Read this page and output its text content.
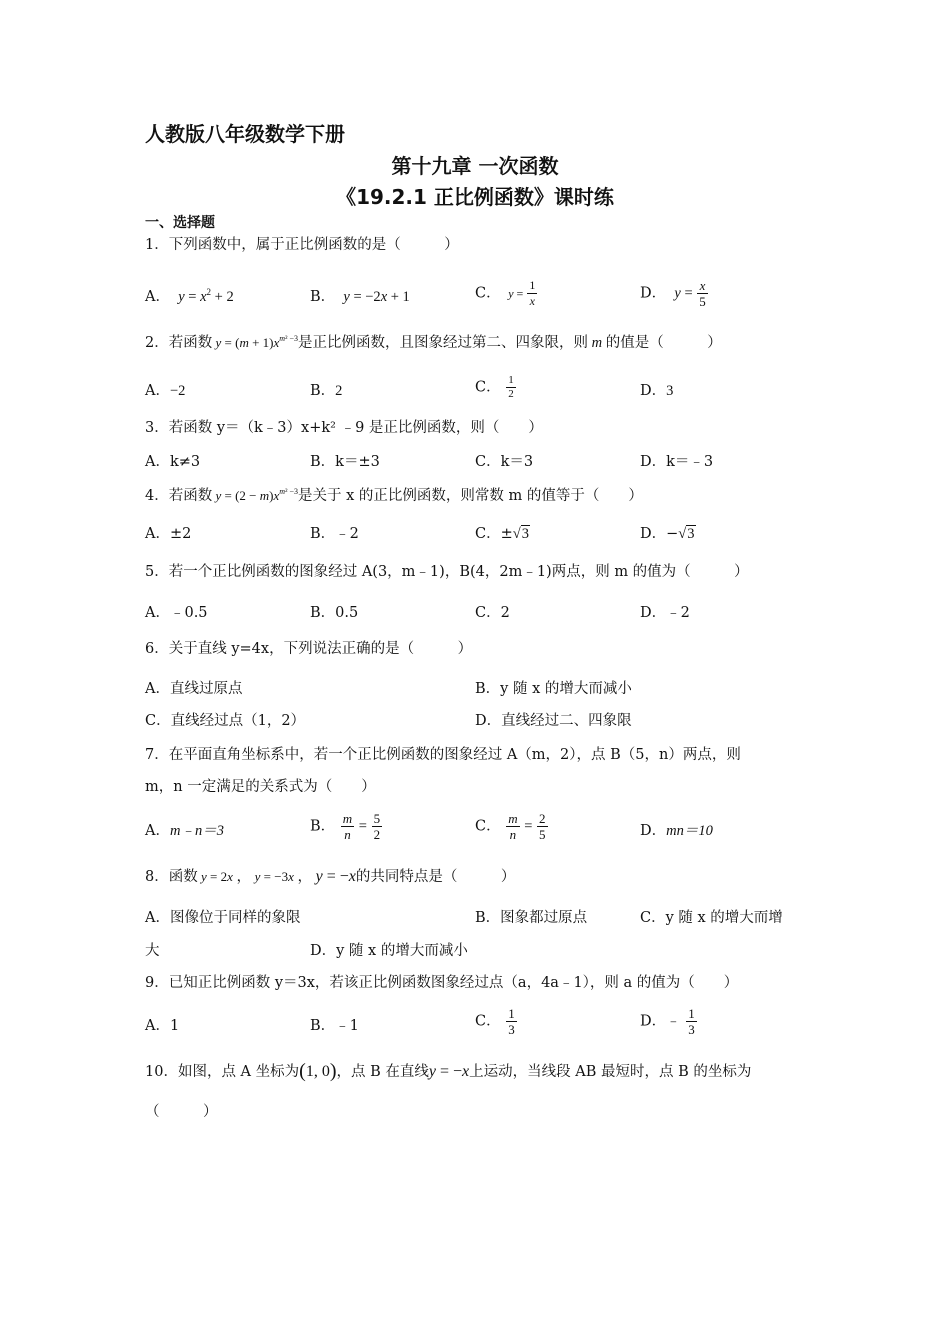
人教版八年级数学下册
第十九章 一次函数
《19.2.1 正比例函数》课时练
一、选择题
1．下列函数中，属于正比例函数的是（　　　）
A．  $y = x^2 + 2$	B．  y = −2x + 1	C．  $y = \frac{1}{x}$	D．  $y = \frac{x}{5}$
2．若函数 $y = (m + 1)x^{m^2 -3}$是正比例函数，且图象经过第二、四象限，则 m 的值是（　　　）
A．−2	B．2	C． $\frac{1}{2}$	D．3
3．若函数 y＝（k﹣3）x+k² ﹣9 是正比例函数，则（　　）
A．k≠3	B．k＝±3	C．k＝3	D．k＝﹣3
4．若函数 $y = (2 - m)x^{m^2 -3}$是关于 x 的正比例函数，则常数 m 的值等于（　　）
A．±2	B．﹣2	C．±√3	D．−√3
5．若一个正比例函数的图象经过 A(3，m﹣1)，B(4，2m﹣1)两点，则 m 的值为（　　　）
A．﹣0.5	B．0.5	C．2	D．﹣2
6．关于直线 y=4x，下列说法正确的是（　　　）
A．直线过原点	B．y 随 x 的增大而减小
C．直线经过点（1，2）	D．直线经过二、四象限
7．在平面直角坐标系中，若一个正比例函数的图象经过 A（m，2），点 B（5，n）两点，则
m，n 一定满足的关系式为（　　）
A．m﹣n＝3	B． $\frac{m}{n} = \frac{5}{2}$	C． $\frac{m}{n} = \frac{2}{5}$	D．mn＝10
8．函数 y = 2x ， y = −3x ， y = −x的共同特点是（　　　）
A．图像位于同样的象限	B．图象都过原点	C．y 随 x 的增大而增
大	D．y 随 x 的增大而减小
9．已知正比例函数 y＝3x，若该正比例函数图象经过点（a，4a﹣1），则 a 的值为（　　）
A．1	B．﹣1	C． $\frac{1}{3}$	D．﹣ $\frac{1}{3}$
10．如图，点 A 坐标为(1, 0)，点 B 在直线y = −x上运动，当线段 AB 最短时，点 B 的坐标为
（　　　）
